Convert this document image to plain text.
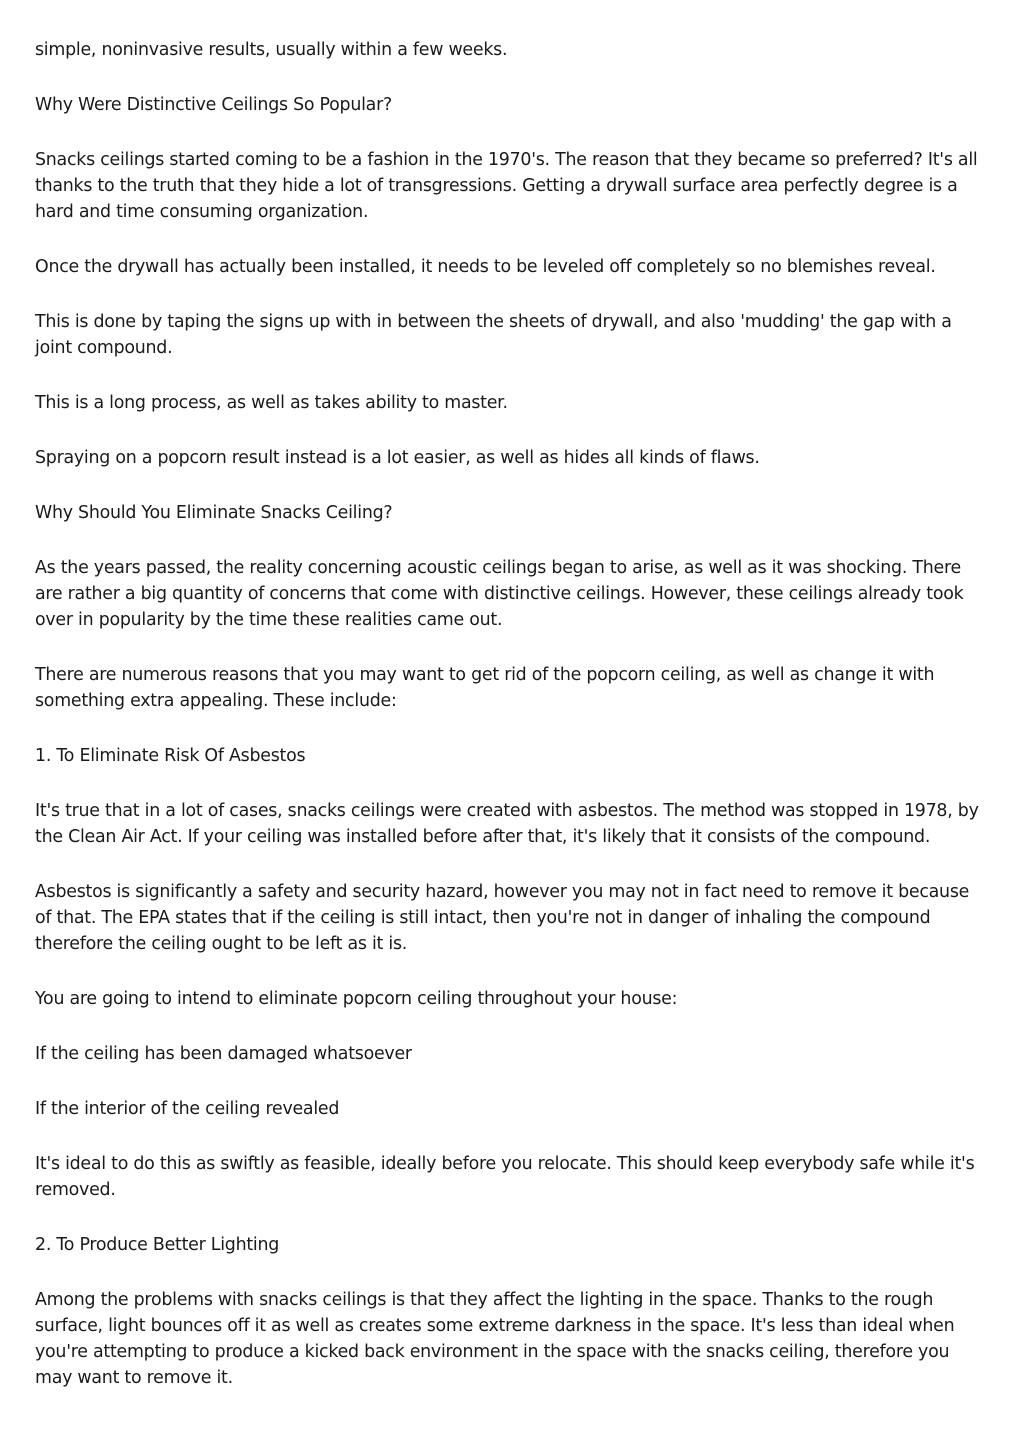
simple, noninvasive results, usually within a few weeks.

Why Were Distinctive Ceilings So Popular?

Snacks ceilings started coming to be a fashion in the 1970's. The reason that they became so preferred? It's all thanks to the truth that they hide a lot of transgressions. Getting a drywall surface area perfectly degree is a hard and time consuming organization.

Once the drywall has actually been installed, it needs to be leveled off completely so no blemishes reveal.

This is done by taping the signs up with in between the sheets of drywall, and also 'mudding' the gap with a joint compound.

This is a long process, as well as takes ability to master.

Spraying on a popcorn result instead is a lot easier, as well as hides all kinds of flaws.

Why Should You Eliminate Snacks Ceiling?

As the years passed, the reality concerning acoustic ceilings began to arise, as well as it was shocking. There are rather a big quantity of concerns that come with distinctive ceilings. However, these ceilings already took over in popularity by the time these realities came out.

There are numerous reasons that you may want to get rid of the popcorn ceiling, as well as change it with something extra appealing. These include:

1. To Eliminate Risk Of Asbestos

It's true that in a lot of cases, snacks ceilings were created with asbestos. The method was stopped in 1978, by the Clean Air Act. If your ceiling was installed before after that, it's likely that it consists of the compound.

Asbestos is significantly a safety and security hazard, however you may not in fact need to remove it because of that. The EPA states that if the ceiling is still intact, then you're not in danger of inhaling the compound therefore the ceiling ought to be left as it is.

You are going to intend to eliminate popcorn ceiling throughout your house:

If the ceiling has been damaged whatsoever

If the interior of the ceiling revealed

It's ideal to do this as swiftly as feasible, ideally before you relocate. This should keep everybody safe while it's removed.

2. To Produce Better Lighting

Among the problems with snacks ceilings is that they affect the lighting in the space. Thanks to the rough surface, light bounces off it as well as creates some extreme darkness in the space. It's less than ideal when you're attempting to produce a kicked back environment in the space with the snacks ceiling, therefore you may want to remove it.
